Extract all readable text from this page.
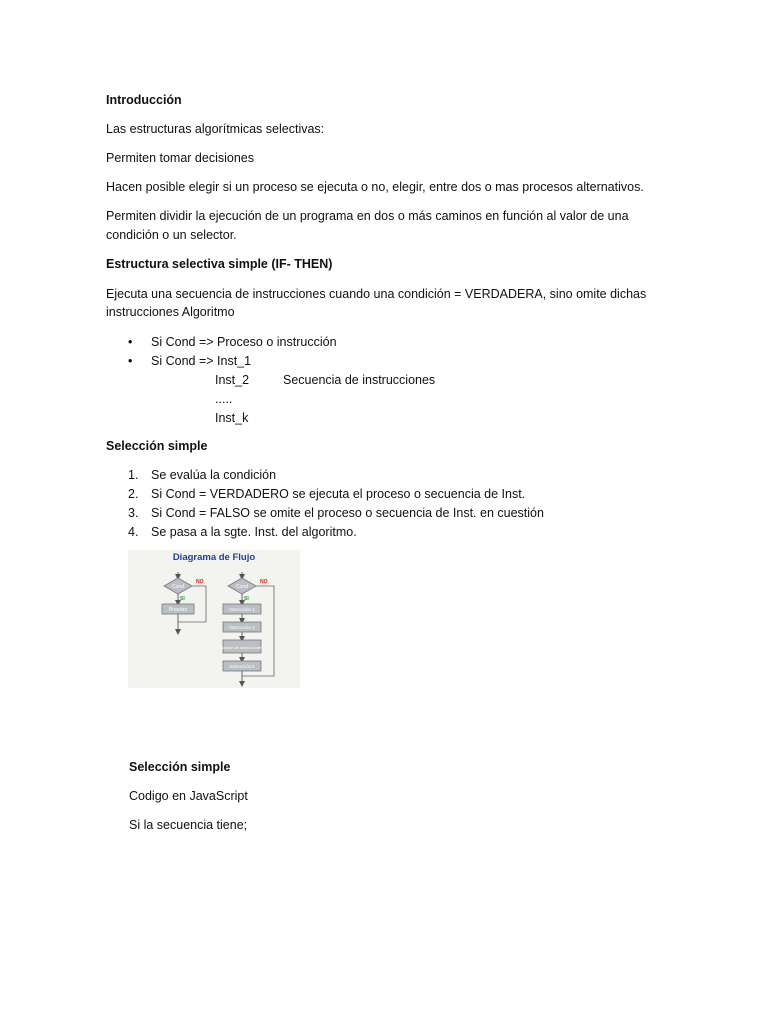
Introducción
Las estructuras algorítmicas selectivas:
Permiten tomar decisiones
Hacen posible elegir si un proceso se ejecuta o no, elegir, entre dos o mas procesos alternativos.
Permiten dividir la ejecución de un programa en dos o más caminos en función al valor de una
condición o un selector.
Estructura selectiva simple (IF- THEN)
Ejecuta una secuencia de instrucciones cuando una condición = VERDADERA, sino omite dichas
instrucciones Algoritmo
• Si Cond => Proceso o instrucción
• Si Cond => Inst_1
Inst_2	Secuencia de instrucciones
.....
Inst_k
Selección simple
1. Se evalúa la condición
2. Si Cond = VERDADERO se ejecuta el proceso o secuencia de Inst.
3. Si Cond = FALSO se omite el proceso o secuencia de Inst. en cuestión
4. Se pasa a la sgte. Inst. del algoritmo.
Diagrama de Flujo
Cond
NO
SI
Proceso
Cond
NO
SI
Instrucción 1
Instrucción 2
Bloque de Instrucciones
Instrucción k
Selección simple
Codigo en JavaScript
Si la secuencia tiene;
